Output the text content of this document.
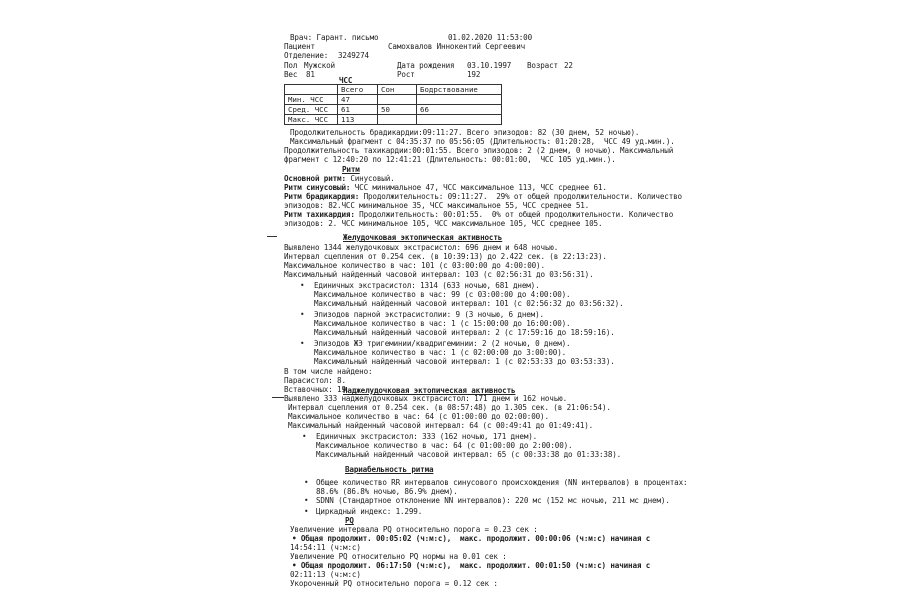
Врач: Гарант. письмо	01.02.2020 11:53:00
Пациент	Самохвалов Иннокентий Сергеевич
Отделение: 3249274
Пол Мужской	Дата рождения 03.10.1997 Возраст 22
Вес 81	Рост	192
ЧСС
	Всего	Сон	Бодрствование
Мин. ЧСС	47		
Сред. ЧСС	61	50	66
Макс. ЧСС	113		
Продолжительность брадикардии:09:11:27. Всего эпизодов: 82 (30 днем, 52 ночью).
Максимальный фрагмент с 04:35:37 по 05:56:05 (Длительность: 01:20:28,  ЧСС 49 уд.мин.).
Продолжительность тахикардии:00:01:55. Всего эпизодов: 2 (2 днем, 0 ночью). Максимальный
фрагмент с 12:40:20 по 12:41:21 (Длительность: 00:01:00,  ЧСС 105 уд.мин.).
Ритм
Основной ритм: Синусовый.
Ритм синусовый: ЧСС минимальное 47, ЧСС максимальное 113, ЧСС среднее 61.
Ритм брадикардия: Продолжительность: 09:11:27.  29% от общей продолжительности. Количество
эпизодов: 82.ЧСС минимальное 35, ЧСС максимальное 55, ЧСС среднее 51.
Ритм тахикардия: Продолжительность: 00:01:55.  0% от общей продолжительности. Количество
эпизодов: 2. ЧСС минимальное 105, ЧСС максимальное 105, ЧСС среднее 105.
Желудочковая эктопическая активность
Выявлено 1344 желудочковых экстрасистол: 696 днем и 648 ночью.
Интервал сцепления от 0.254 сек. (в 10:39:13) до 2.422 сек. (в 22:13:23).
Максимальное количество в час: 101 (с 03:00:00 до 4:00:00).
Максимальный найденный часовой интервал: 103 (с 02:56:31 до 03:56:31).
• Единичных экстрасистол: 1314 (633 ночью, 681 днем).
Максимальное количество в час: 99 (с 03:00:00 до 4:00:00).
Максимальный найденный часовой интервал: 101 (с 02:56:32 до 03:56:32).
• Эпизодов парной экстрасистолии: 9 (3 ночью, 6 днем).
Максимальное количество в час: 1 (с 15:00:00 до 16:00:00).
Максимальный найденный часовой интервал: 2 (с 17:59:16 до 18:59:16).
• Эпизодов ЖЭ тригеминии/квадригеминии: 2 (2 ночью, 0 днем).
Максимальное количество в час: 1 (с 02:00:00 до 3:00:00).
Максимальный найденный часовой интервал: 1 (с 02:53:33 до 03:53:33).
В том числе найдено:
Парасистол: 8.
Вставочных: 19.
Наджелудочковая эктопическая активность
Выявлено 333 наджелудочковых экстрасистол: 171 днем и 162 ночью.
Интервал сцепления от 0.254 сек. (в 08:57:48) до 1.305 сек. (в 21:06:54).
Максимальное количество в час: 64 (с 01:00:00 до 02:00:00).
Максимальный найденный часовой интервал: 64 (с 00:49:41 до 01:49:41).
• Единичных экстрасистол: 333 (162 ночью, 171 днем).
Максимальное количество в час: 64 (с 01:00:00 до 2:00:00).
Максимальный найденный часовой интервал: 65 (с 00:33:38 до 01:33:38).
Вариабельность ритма
• Общее количество RR интервалов синусового происхождения (NN интервалов) в процентах:
88.6% (86.8% ночью, 86.9% днем).
• SDNN (Стандартное отклонение NN интервалов): 220 мс (152 мс ночью, 211 мс днем).
• Циркадный индекс: 1.299.
PQ
Увеличение интервала PQ относительно порога = 0.23 сек :
• Общая продолжит. 00:05:02 (ч:м:с),  макс. продолжит. 00:00:06 (ч:м:с) начиная с
14:54:11 (ч:м:с)
Увеличение PQ относительно PQ нормы на 0.01 сек :
• Общая продолжит. 06:17:50 (ч:м:с),  макс. продолжит. 00:01:50 (ч:м:с) начиная с
02:11:13 (ч:м:с)
Укороченный PQ относительно порога = 0.12 сек :
